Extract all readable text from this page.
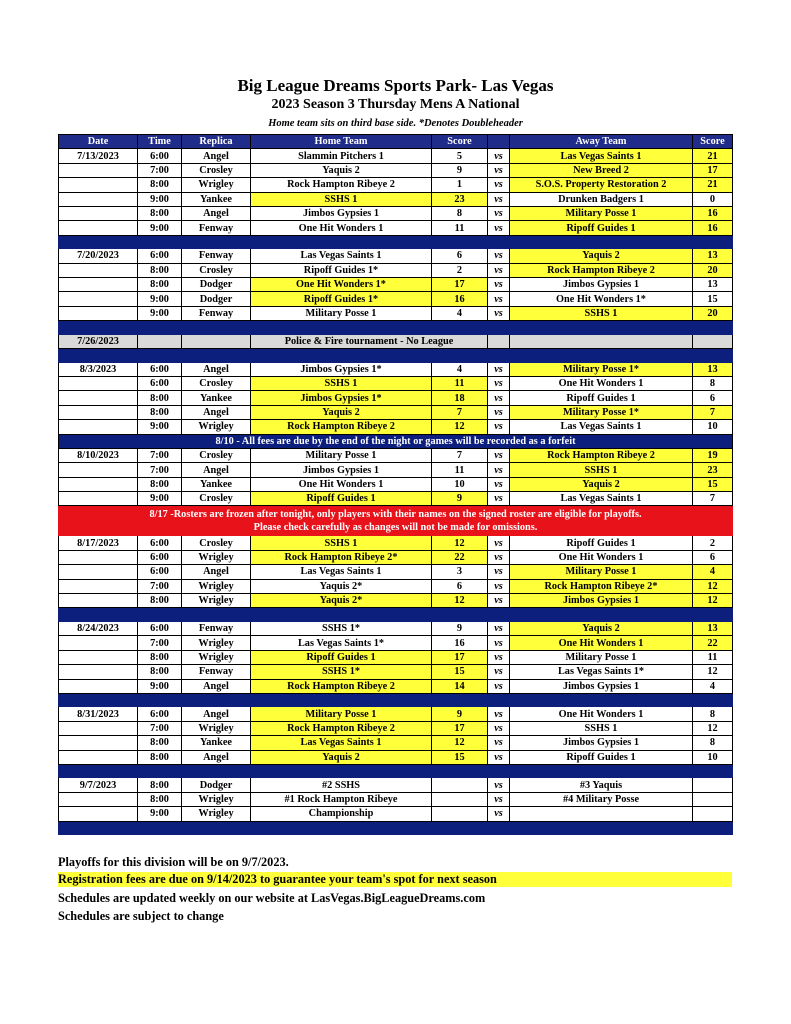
Big League Dreams Sports Park- Las Vegas
2023 Season 3 Thursday Mens A National
Home team sits on third base side. *Denotes Doubleheader
Date	Time	Replica	Home Team	Score		Away Team	Score
7/13/2023	6:00	Angel	Slammin Pitchers 1	5	vs	Las Vegas Saints 1	21
	7:00	Crosley	Yaquis 2	9	vs	New Breed 2	17
	8:00	Wrigley	Rock Hampton Ribeye 2	1	vs	S.O.S. Property Restoration 2	21
	9:00	Yankee	SSHS 1	23	vs	Drunken Badgers 1	0
	8:00	Angel	Jimbos Gypsies 1	8	vs	Military Posse 1	16
	9:00	Fenway	One Hit Wonders 1	11	vs	Ripoff Guides 1	16

7/20/2023	6:00	Fenway	Las Vegas Saints 1	6	vs	Yaquis 2	13
	8:00	Crosley	Ripoff Guides 1*	2	vs	Rock Hampton Ribeye 2	20
	8:00	Dodger	One Hit Wonders 1*	17	vs	Jimbos Gypsies 1	13
	9:00	Dodger	Ripoff Guides 1*	16	vs	One Hit Wonders 1*	15
	9:00	Fenway	Military Posse 1	4	vs	SSHS 1	20

7/26/2023			Police & Fire tournament - No League				

8/3/2023	6:00	Angel	Jimbos Gypsies 1*	4	vs	Military Posse 1*	13
	6:00	Crosley	SSHS 1	11	vs	One Hit Wonders 1	8
	8:00	Yankee	Jimbos Gypsies 1*	18	vs	Ripoff Guides 1	6
	8:00	Angel	Yaquis 2	7	vs	Military Posse 1*	7
	9:00	Wrigley	Rock Hampton Ribeye 2	12	vs	Las Vegas Saints 1	10
8/10 - All fees are due by the end of the night or games will be recorded as a forfeit							
8/10/2023	7:00	Crosley	Military Posse 1	7	vs	Rock Hampton Ribeye 2	19
	7:00	Angel	Jimbos Gypsies 1	11	vs	SSHS 1	23
	8:00	Yankee	One Hit Wonders 1	10	vs	Yaquis 2	15
	9:00	Crosley	Ripoff Guides 1	9	vs	Las Vegas Saints 1	7

8/17 -Rosters are frozen after tonight, only players with their names on the signed roster are eligible for playoffs.
Please check carefully as changes will not be made for omissions.							

8/17/2023	6:00	Crosley	SSHS 1	12	vs	Ripoff Guides 1	2
	6:00	Wrigley	Rock Hampton Ribeye 2*	22	vs	One Hit Wonders 1	6
	6:00	Angel	Las Vegas Saints 1	3	vs	Military Posse 1	4
	7:00	Wrigley	Yaquis 2*	6	vs	Rock Hampton Ribeye 2*	12
	8:00	Wrigley	Yaquis 2*	12	vs	Jimbos Gypsies 1	12

8/24/2023	6:00	Fenway	SSHS 1*	9	vs	Yaquis 2	13
	7:00	Wrigley	Las Vegas Saints 1*	16	vs	One Hit Wonders 1	22
	8:00	Wrigley	Ripoff Guides 1	17	vs	Military Posse 1	11
	8:00	Fenway	SSHS 1*	15	vs	Las Vegas Saints 1*	12
	9:00	Angel	Rock Hampton Ribeye 2	14	vs	Jimbos Gypsies 1	4

8/31/2023	6:00	Angel	Military Posse 1	9	vs	One Hit Wonders 1	8
	7:00	Wrigley	Rock Hampton Ribeye 2	17	vs	SSHS 1	12
	8:00	Yankee	Las Vegas Saints 1	12	vs	Jimbos Gypsies 1	8
	8:00	Angel	Yaquis 2	15	vs	Ripoff Guides 1	10

9/7/2023	8:00	Dodger	#2 SSHS		vs	#3 Yaquis	
	8:00	Wrigley	#1 Rock Hampton Ribeye		vs	#4 Military Posse	
	9:00	Wrigley	Championship		vs		

Playoffs for this division will be on 9/7/2023.
Registration fees are due on 9/14/2023 to guarantee your team's spot for next season
Schedules are updated weekly on our website at LasVegas.BigLeagueDreams.com
Schedules are subject to change
